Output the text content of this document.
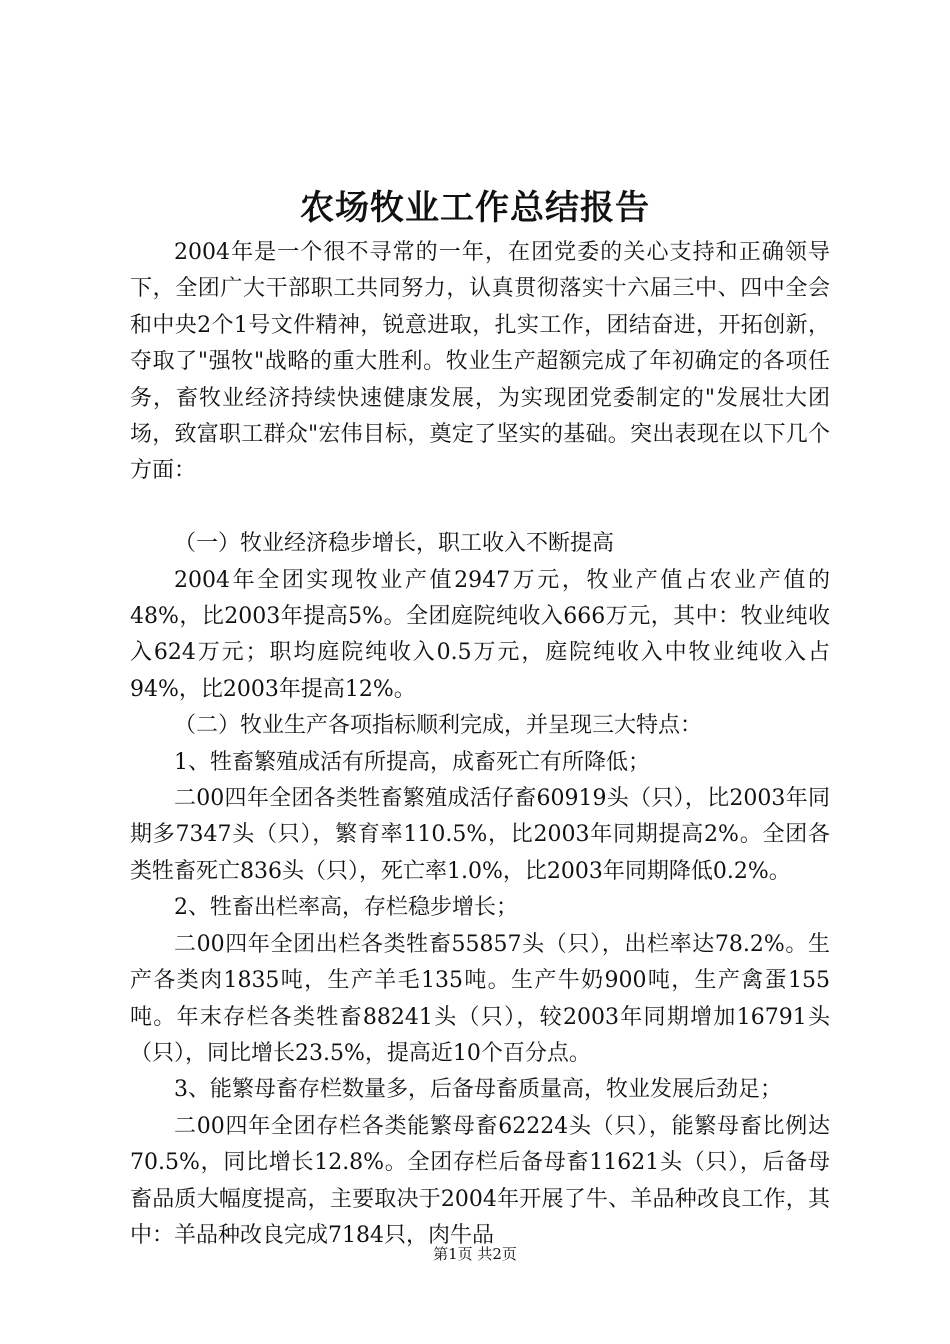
农场牧业工作总结报告

2004年是一个很不寻常的一年，在团党委的关心支持和正确领导下，全团广大干部职工共同努力，认真贯彻落实十六届三中、四中全会和中央2个1号文件精神，锐意进取，扎实工作，团结奋进，开拓创新，夺取了"强牧"战略的重大胜利。牧业生产超额完成了年初确定的各项任务，畜牧业经济持续快速健康发展，为实现团党委制定的"发展壮大团场，致富职工群众"宏伟目标，奠定了坚实的基础。突出表现在以下几个方面：

（一）牧业经济稳步增长，职工收入不断提高

2004年全团实现牧业产值2947万元，牧业产值占农业产值的48%，比2003年提高5%。全团庭院纯收入666万元，其中：牧业纯收入624万元；职均庭院纯收入0.5万元，庭院纯收入中牧业纯收入占94%，比2003年提高12%。

（二）牧业生产各项指标顺利完成，并呈现三大特点：

1、牲畜繁殖成活有所提高，成畜死亡有所降低；

二00四年全团各类牲畜繁殖成活仔畜60919头（只），比2003年同期多7347头（只），繁育率110.5%，比2003年同期提高2%。全团各类牲畜死亡836头（只），死亡率1.0%，比2003年同期降低0.2%。

2、牲畜出栏率高，存栏稳步增长；

二00四年全团出栏各类牲畜55857头（只），出栏率达78.2%。生产各类肉1835吨，生产羊毛135吨。生产牛奶900吨，生产禽蛋155吨。年末存栏各类牲畜88241头（只），较2003年同期增加16791头（只），同比增长23.5%，提高近10个百分点。

3、能繁母畜存栏数量多，后备母畜质量高，牧业发展后劲足；

二00四年全团存栏各类能繁母畜62224头（只），能繁母畜比例达70.5%，同比增长12.8%。全团存栏后备母畜11621头（只），后备母畜品质大幅度提高，主要取决于2004年开展了牛、羊品种改良工作，其中：羊品种改良完成7184只，肉牛品

第1页 共2页
